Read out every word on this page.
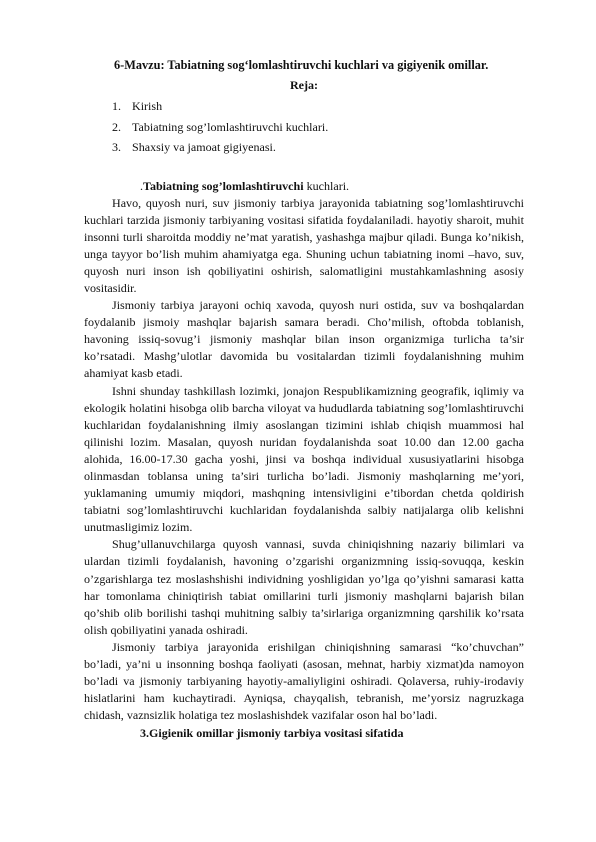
6-Mavzu: Tabiatning sog‘lomlashtiruvchi kuchlari va gigiyenik omillar.
Reja:
1. Kirish
2. Tabiatning sog’lomlashtiruvchi kuchlari.
3. Shaxsiy va jamoat gigiyenasi.
.Tabiatning sog’lomlashtiruvchi kuchlari.

Havo, quyosh nuri, suv jismoniy tarbiya jarayonida tabiatning sog’lomlashtiruvchi kuchlari tarzida jismoniy tarbiyaning vositasi sifatida foydalaniladi. hayotiy sharoit, muhit insonni turli sharoitda moddiy ne’mat yaratish, yashashga majbur qiladi. Bunga ko’nikish, unga tayyor bo’lish muhim ahamiyatga ega. Shuning uchun tabiatning inomi –havo, suv, quyosh nuri inson ish qobiliyatini oshirish, salomatligini mustahkamlashning asosiy vositasidir.

Jismoniy tarbiya jarayoni ochiq xavoda, quyosh nuri ostida, suv va boshqalardan foydalanib jismoiy mashqlar bajarish samara beradi. Cho’milish, oftobda toblanish, havoning issiq-sovug’i jismoniy mashqlar bilan inson organizmiga turlicha ta’sir ko’rsatadi. Mashg’ulotlar davomida bu vositalardan tizimli foydalanishning muhim ahamiyat kasb etadi.

Ishni shunday tashkillash lozimki, jonajon Respublikamizning geografik, iqlimiy va ekologik holatini hisobga olib barcha viloyat va hududlarda tabiatning sog’lomlashtiruvchi kuchlaridan foydalanishning ilmiy asoslangan tizimini ishlab chiqish muammosi hal qilinishi lozim. Masalan, quyosh nuridan foydalanishda soat 10.00 dan 12.00 gacha alohida, 16.00-17.30 gacha yoshi, jinsi va boshqa individual xususiyatlarini hisobga olinmasdan toblansa uning ta’siri turlicha bo’ladi. Jismoniy mashqlarning me’yori, yuklamaning umumiy miqdori, mashqning intensivligini e’tibordan chetda qoldirish tabiatni sog’lomlashtiruvchi kuchlaridan foydalanishda salbiy natijalarga olib kelishni unutmasligimiz lozim.

Shug’ullanuvchilarga quyosh vannasi, suvda chiniqishning nazariy bilimlari va ulardan tizimli foydalanish, havoning o’zgarishi organizmning issiq-sovuqqa, keskin o’zgarishlarga tez moslashshishi individning yoshligidan yo’lga qo’yishni samarasi katta har tomonlama chiniqtirish tabiat omillarini turli jismoniy mashqlarni bajarish bilan qo’shib olib borilishi tashqi muhitning salbiy ta’sirlariga organizmning qarshilik ko’rsata olish qobiliyatini yanada oshiradi.

Jismoniy tarbiya jarayonida erishilgan chiniqishning samarasi “ko’chuvchan” bo’ladi, ya’ni u insonning boshqa faoliyati (asosan, mehnat, harbiy xizmat)da namoyon bo’ladi va jismoniy tarbiyaning hayotiy-amaliyligini oshiradi. Qolaversa, ruhiy-irodaviy hislatlarini ham kuchaytiradi. Ayniqsa, chayqalish, tebranish, me’yorsiz nagruzkaga chidash, vaznsizlik holatiga tez moslashishdek vazifalar oson hal bo’ladi.

3.Gigienik omillar jismoniy tarbiya vositasi sifatida
